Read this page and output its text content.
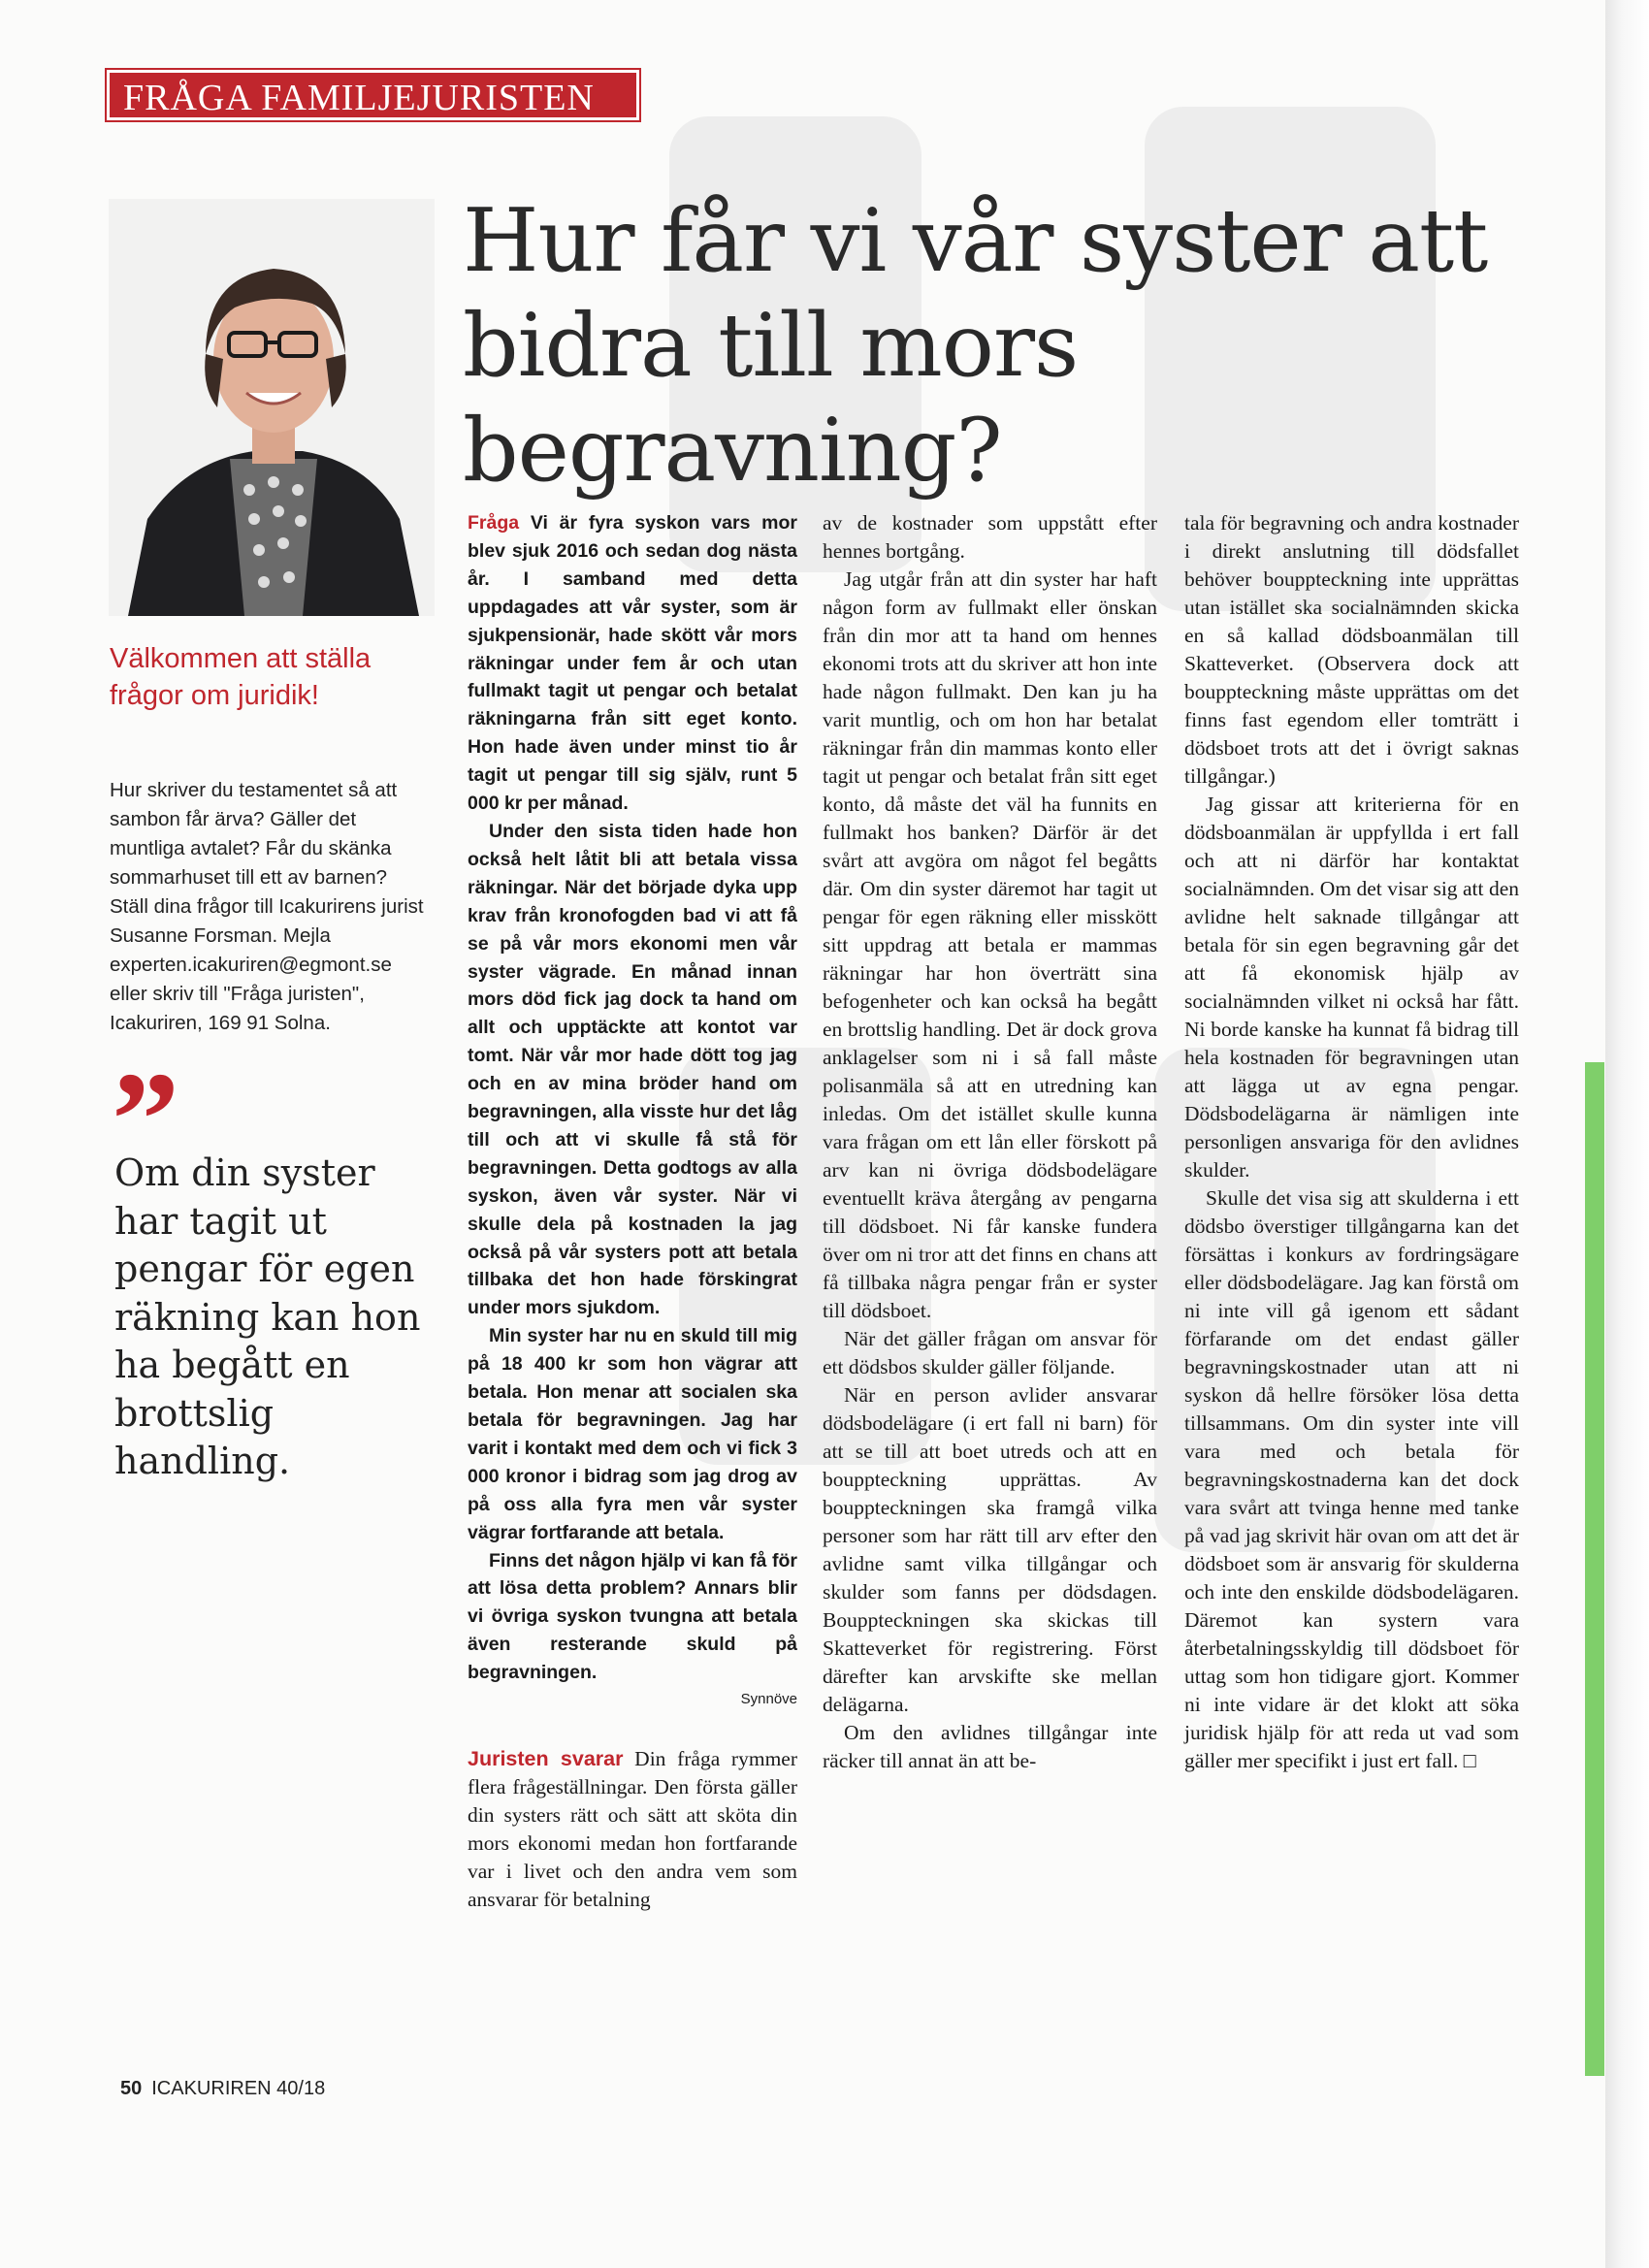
FRÅGA FAMILJEJURISTEN
Hur får vi vår syster att bidra till mors begravning?

Välkommen att ställa frågor om juridik!

Hur skriver du testamentet så att sambon får ärva? Gäller det muntliga avtalet? Får du skänka sommarhuset till ett av barnen? Ställ dina frågor till Icakurirens jurist Susanne Forsman. Mejla experten.icakuriren@egmont.se eller skriv till "Fråga juristen", Icakuriren, 169 91 Solna.

”

Om din syster har tagit ut pengar för egen räkning kan hon ha begått en brottslig handling.

Fråga Vi är fyra syskon vars mor blev sjuk 2016 och sedan dog nästa år. I samband med detta uppdagades att vår syster, som är sjukpensionär, hade skött vår mors räkningar under fem år och utan fullmakt tagit ut pengar och betalat räkningarna från sitt eget konto. Hon hade även under minst tio år tagit ut pengar till sig själv, runt 5 000 kr per månad.

Under den sista tiden hade hon också helt låtit bli att betala vissa räkningar. När det började dyka upp krav från kronofogden bad vi att få se på vår mors ekonomi men vår syster vägrade. En månad innan mors död fick jag dock ta hand om allt och upptäckte att kontot var tomt. När vår mor hade dött tog jag och en av mina bröder hand om begravningen, alla visste hur det låg till och att vi skulle få stå för begravningen. Detta godtogs av alla syskon, även vår syster. När vi skulle dela på kostnaden la jag också på vår systers pott att betala tillbaka det hon hade förskingrat under mors sjukdom.

Min syster har nu en skuld till mig på 18 400 kr som hon vägrar att betala. Hon menar att socialen ska betala för begravningen. Jag har varit i kontakt med dem och vi fick 3 000 kronor i bidrag som jag drog av på oss alla fyra men vår syster vägrar fortfarande att betala.

Finns det någon hjälp vi kan få för att lösa detta problem? Annars blir vi övriga syskon tvungna att betala även resterande skuld på begravningen.

Synnöve

Juristen svarar Din fråga rymmer flera frågeställningar. Den första gäller din systers rätt och sätt att sköta din mors ekonomi medan hon fortfarande var i livet och den andra vem som ansvarar för betalning

av de kostnader som uppstått efter hennes bortgång.

Jag utgår från att din syster har haft någon form av fullmakt eller önskan från din mor att ta hand om hennes ekonomi trots att du skriver att hon inte hade någon fullmakt. Den kan ju ha varit muntlig, och om hon har betalat räkningar från din mammas konto eller tagit ut pengar och betalat från sitt eget konto, då måste det väl ha funnits en fullmakt hos banken? Därför är det svårt att avgöra om något fel begåtts där. Om din syster däremot har tagit ut pengar för egen räkning eller misskött sitt uppdrag att betala er mammas räkningar har hon överträtt sina befogenheter och kan också ha begått en brottslig handling. Det är dock grova anklagelser som ni i så fall måste polisanmäla så att en utredning kan inledas. Om det istället skulle kunna vara frågan om ett lån eller förskott på arv kan ni övriga dödsbodelägare eventuellt kräva återgång av pengarna till dödsboet. Ni får kanske fundera över om ni tror att det finns en chans att få tillbaka några pengar från er syster till dödsboet.

När det gäller frågan om ansvar för ett dödsbos skulder gäller följande.

När en person avlider ansvarar dödsbodelägare (i ert fall ni barn) för att se till att boet utreds och att en bouppteckning upprättas. Av bouppteckningen ska framgå vilka personer som har rätt till arv efter den avlidne samt vilka tillgångar och skulder som fanns per dödsdagen. Bouppteckningen ska skickas till Skatteverket för registrering. Först därefter kan arvskifte ske mellan delägarna.

Om den avlidnes tillgångar inte räcker till annat än att be-

tala för begravning och andra kostnader i direkt anslutning till dödsfallet behöver bouppteckning inte upprättas utan istället ska socialnämnden skicka en så kallad dödsboanmälan till Skatteverket. (Observera dock att bouppteckning måste upprättas om det finns fast egendom eller tomträtt i dödsboet trots att det i övrigt saknas tillgångar.)

Jag gissar att kriterierna för en dödsboanmälan är uppfyllda i ert fall och att ni därför har kontaktat socialnämnden. Om det visar sig att den avlidne helt saknade tillgångar att betala för sin egen begravning går det att få ekonomisk hjälp av socialnämnden vilket ni också har fått. Ni borde kanske ha kunnat få bidrag till hela kostnaden för begravningen utan att lägga ut av egna pengar. Dödsbodelägarna är nämligen inte personligen ansvariga för den avlidnes skulder.

Skulle det visa sig att skulderna i ett dödsbo överstiger tillgångarna kan det försättas i konkurs av fordringsägare eller dödsbodelägare. Jag kan förstå om ni inte vill gå igenom ett sådant förfarande om det endast gäller begravningskostnader utan att ni syskon då hellre försöker lösa detta tillsammans. Om din syster inte vill vara med och betala för begravningskostnaderna kan det dock vara svårt att tvinga henne med tanke på vad jag skrivit här ovan om att det är dödsboet som är ansvarig för skulderna och inte den enskilde dödsbodelägaren. Däremot kan systern vara återbetalningsskyldig till dödsboet för uttag som hon tidigare gjort. Kommer ni inte vidare är det klokt att söka juridisk hjälp för att reda ut vad som gäller mer specifikt i just ert fall. □

50 ICAKURIREN 40/18
